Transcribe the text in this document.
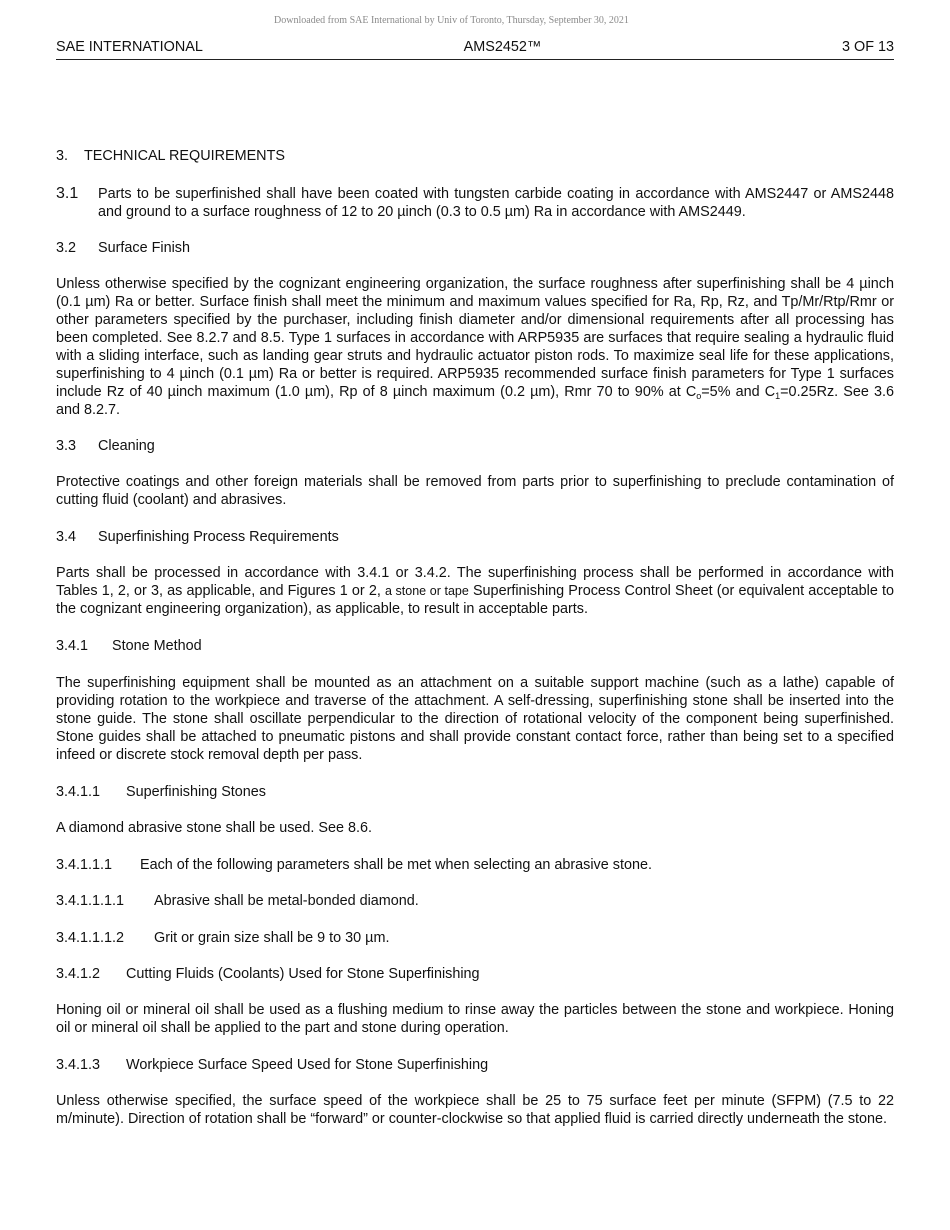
Downloaded from SAE International by Univ of Toronto, Thursday, September 30, 2021
SAE INTERNATIONAL	AMS2452™	3 OF 13

3. TECHNICAL REQUIREMENTS

3.1	Parts to be superfinished shall have been coated with tungsten carbide coating in accordance with AMS2447 or AMS2448 and ground to a surface roughness of 12 to 20 µinch (0.3 to 0.5 µm) Ra in accordance with AMS2449.

3.2 Surface Finish

Unless otherwise specified by the cognizant engineering organization, the surface roughness after superfinishing shall be 4 µinch (0.1 µm) Ra or better. Surface finish shall meet the minimum and maximum values specified for Ra, Rp, Rz, and Tp/Mr/Rtp/Rmr or other parameters specified by the purchaser, including finish diameter and/or dimensional requirements after all processing has been completed. See 8.2.7 and 8.5. Type 1 surfaces in accordance with ARP5935 are surfaces that require sealing a hydraulic fluid with a sliding interface, such as landing gear struts and hydraulic actuator piston rods. To maximize seal life for these applications, superfinishing to 4 µinch (0.1 µm) Ra or better is required. ARP5935 recommended surface finish parameters for Type 1 surfaces include Rz of 40 µinch maximum (1.0 µm), Rp of 8 µinch maximum (0.2 µm), Rmr 70 to 90% at $C_o=5\%$ and $C_1=0.25Rz$. See 3.6 and 8.2.7.

3.3 Cleaning

Protective coatings and other foreign materials shall be removed from parts prior to superfinishing to preclude contamination of cutting fluid (coolant) and abrasives.

3.4 Superfinishing Process Requirements

Parts shall be processed in accordance with 3.4.1 or 3.4.2. The superfinishing process shall be performed in accordance with Tables 1, 2, or 3, as applicable, and Figures 1 or 2, a stone or tape Superfinishing Process Control Sheet (or equivalent acceptable to the cognizant engineering organization), as applicable, to result in acceptable parts.

3.4.1 Stone Method

The superfinishing equipment shall be mounted as an attachment on a suitable support machine (such as a lathe) capable of providing rotation to the workpiece and traverse of the attachment. A self-dressing, superfinishing stone shall be inserted into the stone guide. The stone shall oscillate perpendicular to the direction of rotational velocity of the component being superfinished. Stone guides shall be attached to pneumatic pistons and shall provide constant contact force, rather than being set to a specified infeed or discrete stock removal depth per pass.

3.4.1.1 Superfinishing Stones

A diamond abrasive stone shall be used. See 8.6.

3.4.1.1.1 Each of the following parameters shall be met when selecting an abrasive stone.

3.4.1.1.1.1 Abrasive shall be metal-bonded diamond.

3.4.1.1.1.2 Grit or grain size shall be 9 to 30 µm.

3.4.1.2 Cutting Fluids (Coolants) Used for Stone Superfinishing

Honing oil or mineral oil shall be used as a flushing medium to rinse away the particles between the stone and workpiece. Honing oil or mineral oil shall be applied to the part and stone during operation.

3.4.1.3 Workpiece Surface Speed Used for Stone Superfinishing

Unless otherwise specified, the surface speed of the workpiece shall be 25 to 75 surface feet per minute (SFPM) (7.5 to 22 m/minute). Direction of rotation shall be “forward” or counter-clockwise so that applied fluid is carried directly underneath the stone.
